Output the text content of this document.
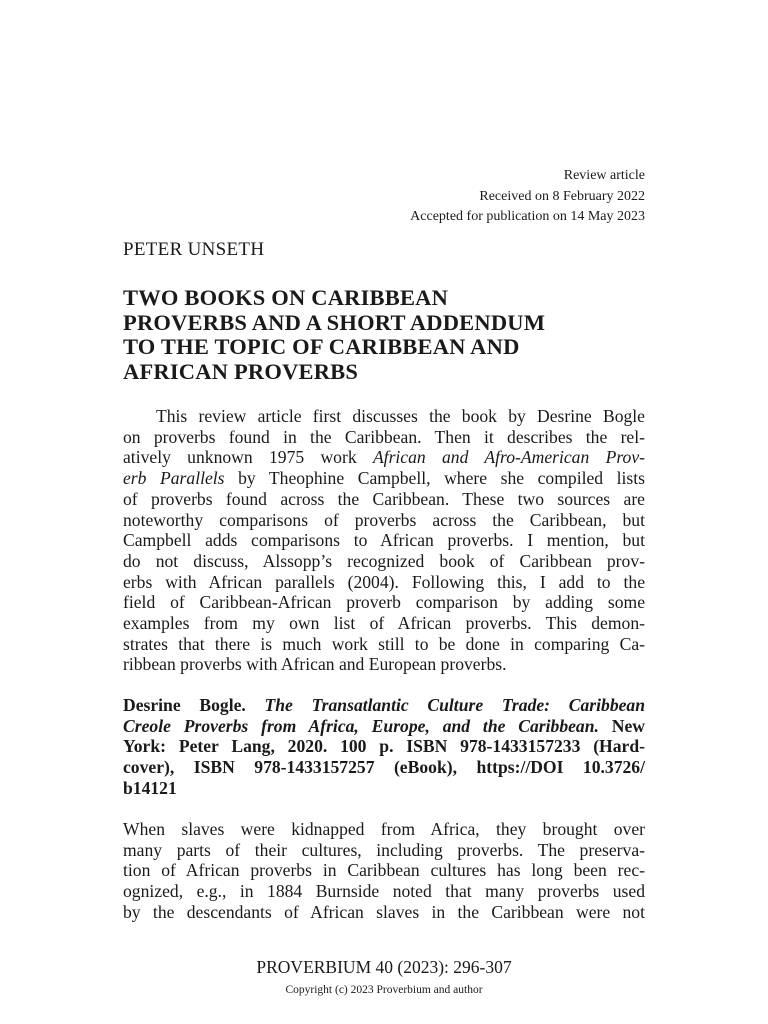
Review article
Received on 8 February 2022
Accepted for publication on 14 May 2023
PETER UNSETH
TWO BOOKS ON CARIBBEAN
PROVERBS AND A SHORT ADDENDUM
TO THE TOPIC OF CARIBBEAN AND
AFRICAN PROVERBS
This review article first discusses the book by Desrine Bogle
on proverbs found in the Caribbean. Then it describes the rel-
atively unknown 1975 work African and Afro-American Prov-
erb Parallels by Theophine Campbell, where she compiled lists
of proverbs found across the Caribbean. These two sources are
noteworthy comparisons of proverbs across the Caribbean, but
Campbell adds comparisons to African proverbs. I mention, but
do not discuss, Alssopp’s recognized book of Caribbean prov-
erbs with African parallels (2004). Following this, I add to the
field of Caribbean-African proverb comparison by adding some
examples from my own list of African proverbs. This demon-
strates that there is much work still to be done in comparing Ca-
ribbean proverbs with African and European proverbs.
Desrine Bogle. The Transatlantic Culture Trade: Caribbean
Creole Proverbs from Africa, Europe, and the Caribbean. New
York: Peter Lang, 2020. 100 p. ISBN 978-1433157233 (Hard-
cover), ISBN 978-1433157257 (eBook), https://DOI 10.3726/
b14121
When slaves were kidnapped from Africa, they brought over
many parts of their cultures, including proverbs. The preserva-
tion of African proverbs in Caribbean cultures has long been rec-
ognized, e.g., in 1884 Burnside noted that many proverbs used
by the descendants of African slaves in the Caribbean were not
PROVERBIUM 40 (2023): 296-307
Copyright (c) 2023 Proverbium and author
